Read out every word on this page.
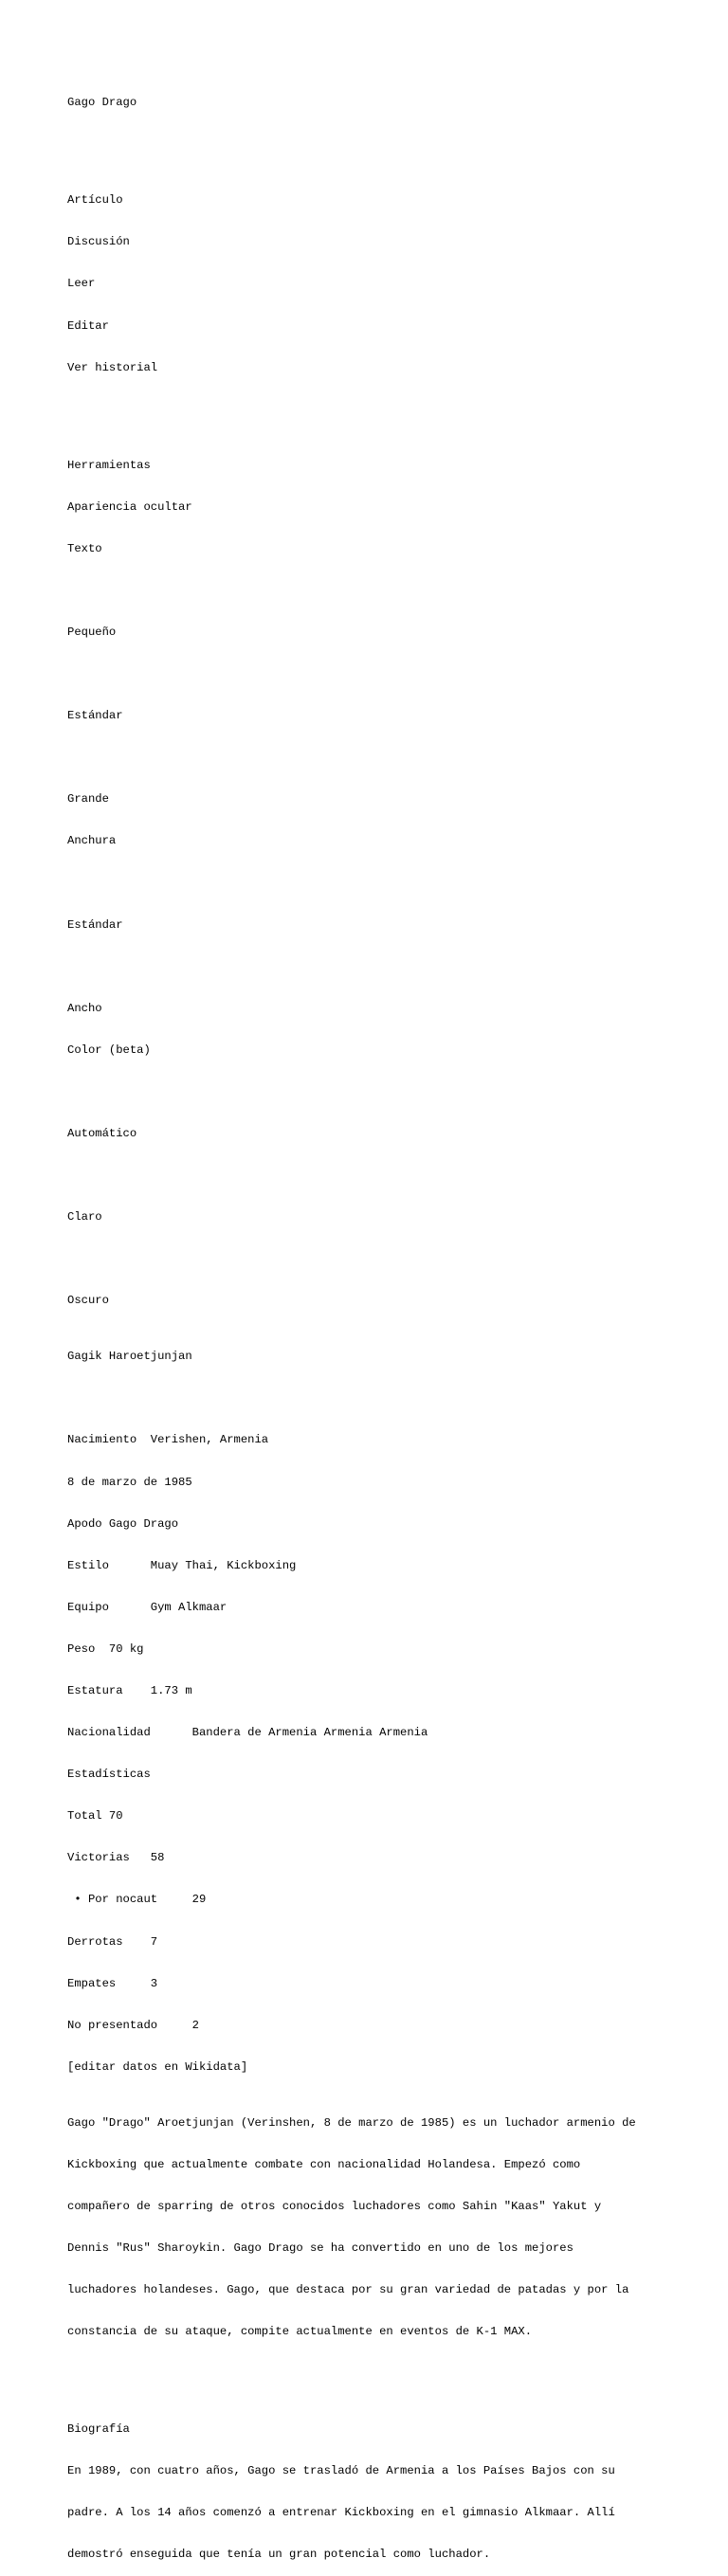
Gago Drago

Artículo

Discusión

Leer

Editar

Ver historial

Herramientas

Apariencia ocultar

Texto

Pequeño

Estándar

Grande

Anchura

Estándar

Ancho

Color (beta)

Automático

Claro

Oscuro

Gagik Haroetjunjan

Nacimiento  Verishen, Armenia

8 de marzo de 1985

Apodo Gago Drago

Estilo      Muay Thai, Kickboxing

Equipo      Gym Alkmaar

Peso  70 kg

Estatura    1.73 m

Nacionalidad      Bandera de Armenia Armenia Armenia

Estadísticas

Total 70

Victorias   58

• Por nocaut     29

Derrotas    7

Empates     3

No presentado     2

[editar datos en Wikidata]

Gago "Drago" Aroetjunjan (Verinshen, 8 de marzo de 1985) es un luchador armenio de

Kickboxing que actualmente combate con nacionalidad Holandesa. Empezó como

compañero de sparring de otros conocidos luchadores como Sahin "Kaas" Yakut y

Dennis "Rus" Sharoykin. Gago Drago se ha convertido en uno de los mejores

luchadores holandeses. Gago, que destaca por su gran variedad de patadas y por la

constancia de su ataque, compite actualmente en eventos de K-1 MAX.

Biografía

En 1989, con cuatro años, Gago se trasladó de Armenia a los Países Bajos con su

padre. A los 14 años comenzó a entrenar Kickboxing en el gimnasio Alkmaar. Allí

demostró enseguida que tenía un gran potencial como luchador.
